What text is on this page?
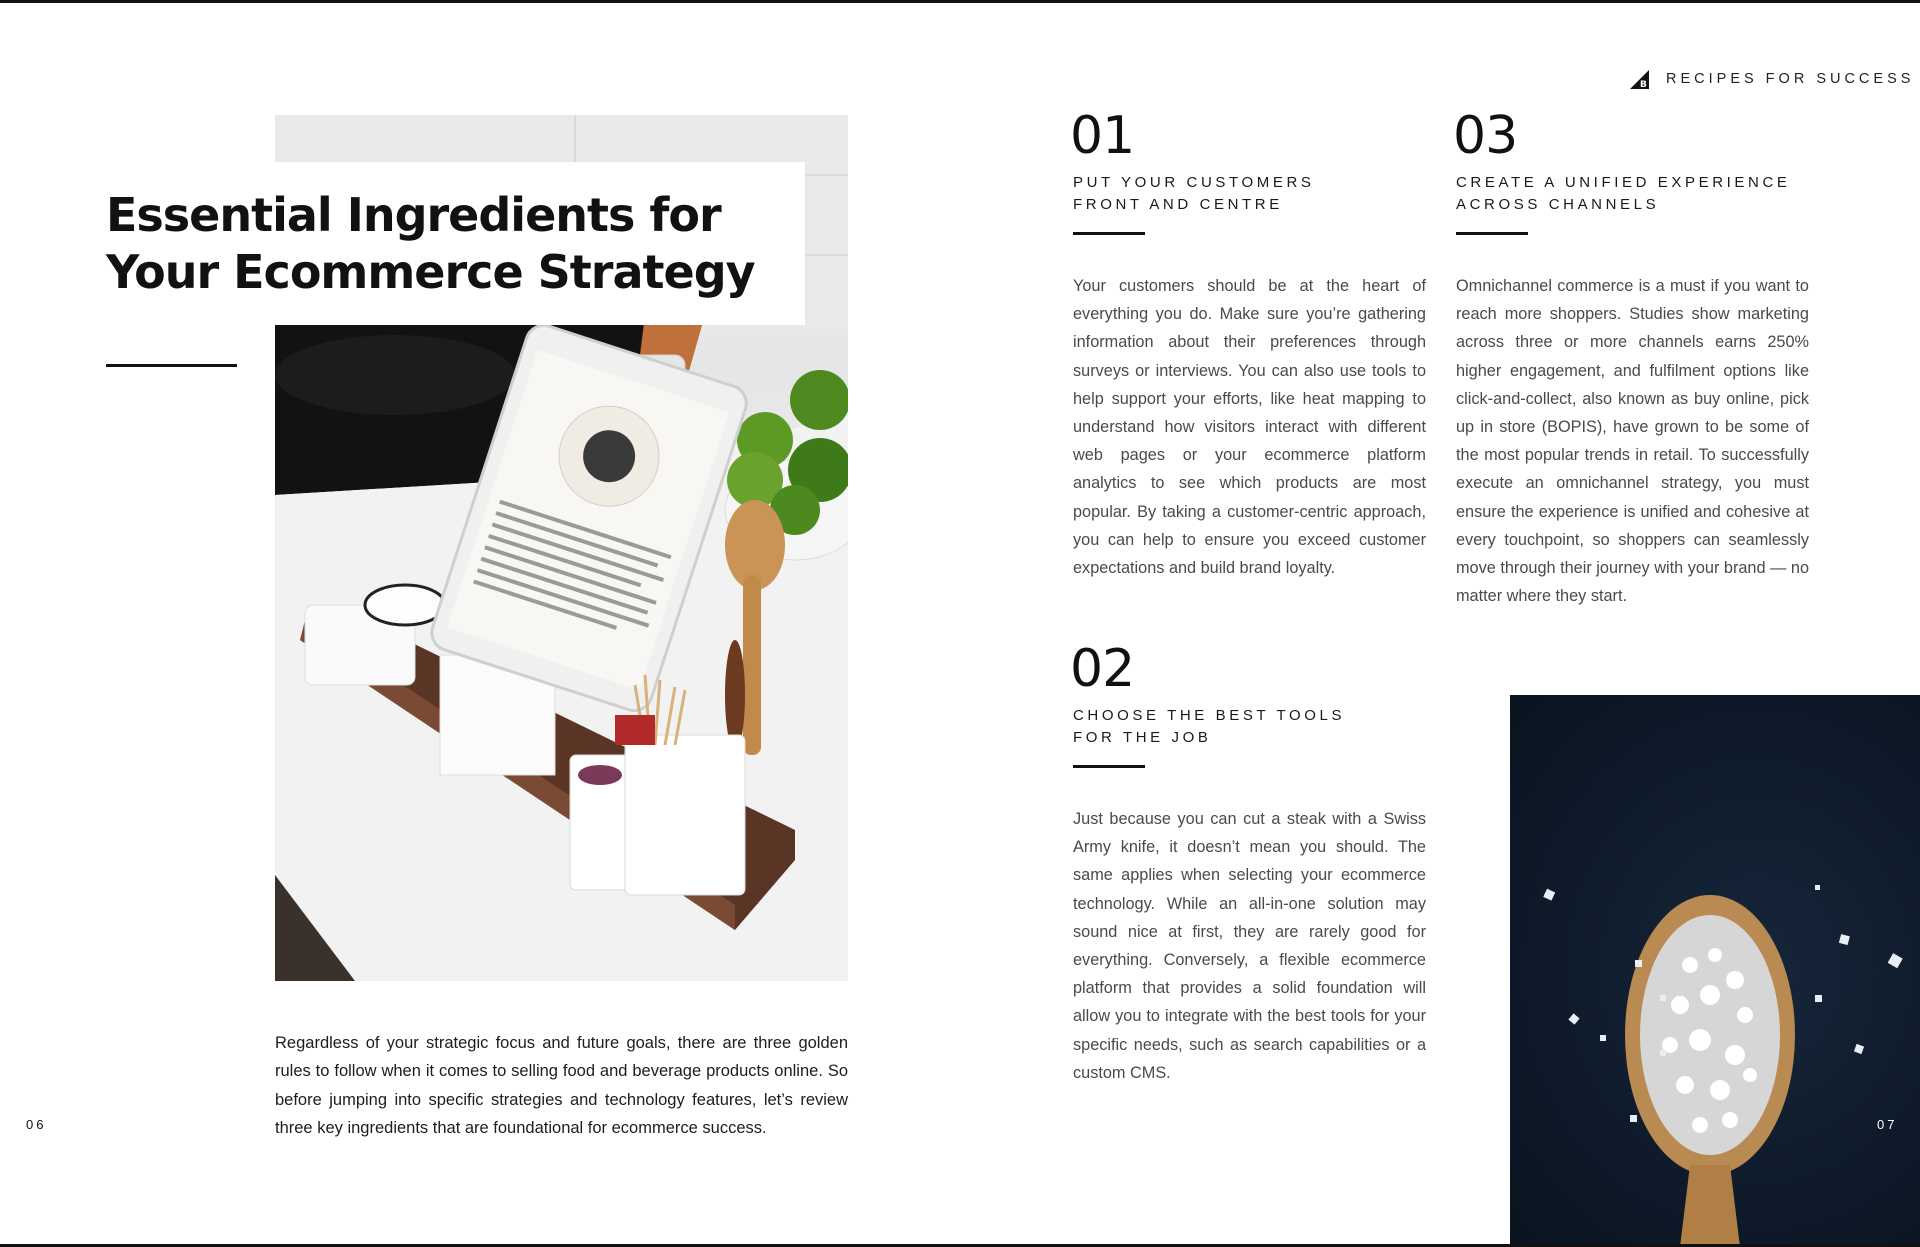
Essential Ingredients for Your Ecommerce Strategy

Regardless of your strategic focus and future goals, there are three golden rules to follow when it comes to selling food and beverage products online. So before jumping into specific strategies and technology features, let’s review three key ingredients that are foundational for ecommerce success.

06
B RECIPES FOR SUCCESS
01
PUT YOUR CUSTOMERS
FRONT AND CENTRE
Your customers should be at the heart of everything you do. Make sure you’re gathering information about their preferences through surveys or interviews. You can also use tools to help support your efforts, like heat mapping to understand how visitors interact with different web pages or your ecommerce platform analytics to see which products are most popular. By taking a customer-centric approach, you can help to ensure you exceed customer expectations and build brand loyalty.
02
CHOOSE THE BEST TOOLS
FOR THE JOB
Just because you can cut a steak with a Swiss Army knife, it doesn’t mean you should. The same applies when selecting your ecommerce technology. While an all-in-one solution may sound nice at first, they are rarely good for everything. Conversely, a flexible ecommerce platform that provides a solid foundation will allow you to integrate with the best tools for your specific needs, such as search capabilities or a custom CMS.
03
CREATE A UNIFIED EXPERIENCE
ACROSS CHANNELS
Omnichannel commerce is a must if you want to reach more shoppers. Studies show marketing across three or more channels earns 250% higher engagement, and fulfilment options like click-and-collect, also known as buy online, pick up in store (BOPIS), have grown to be some of the most popular trends in retail. To successfully execute an omnichannel strategy, you must ensure the experience is unified and cohesive at every touchpoint, so shoppers can seamlessly move through their journey with your brand — no matter where they start.
07
